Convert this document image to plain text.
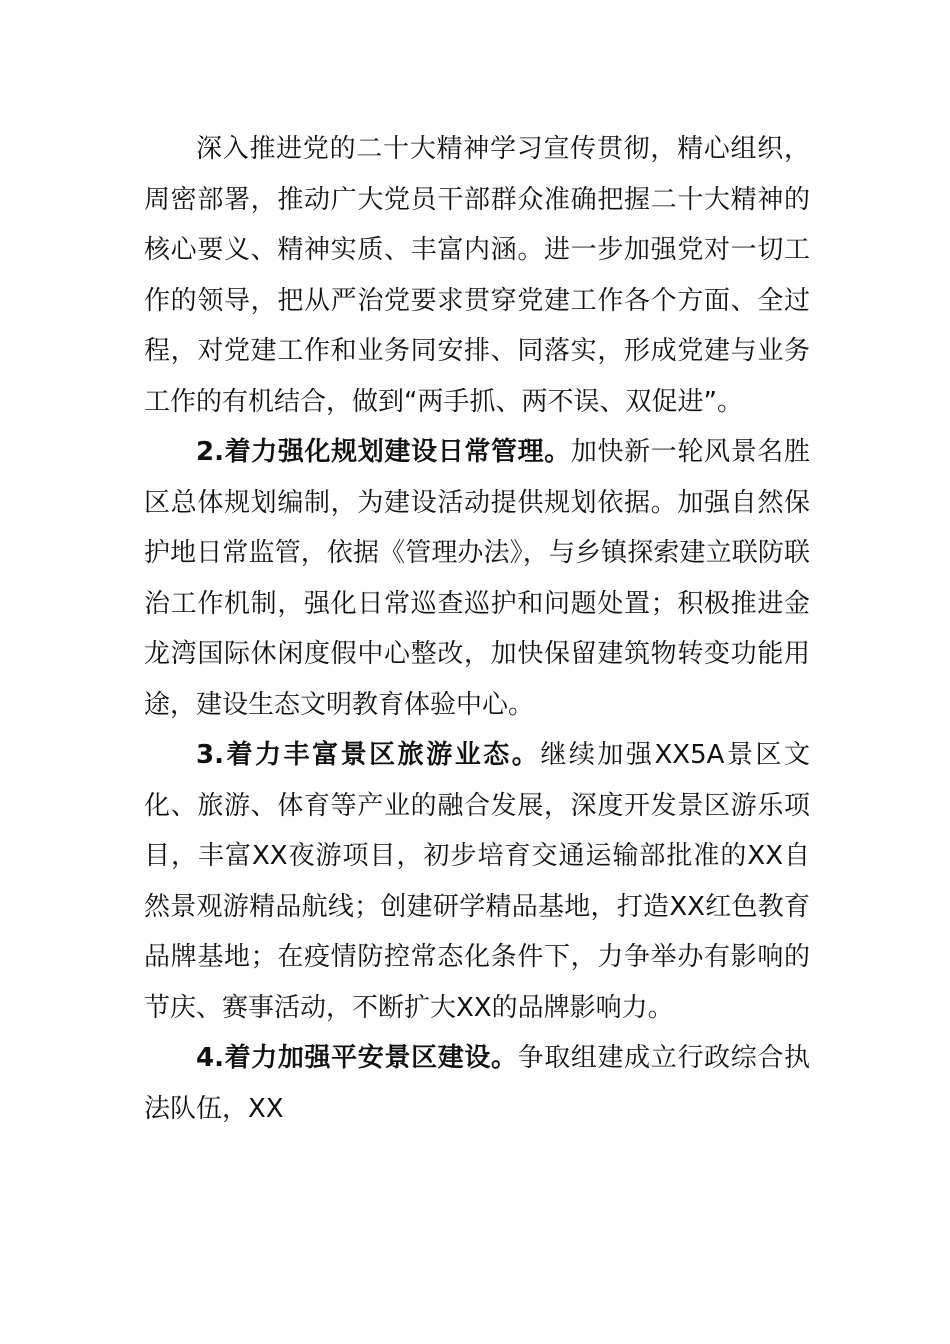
深入推进党的二十大精神学习宣传贯彻，精心组织，周密部署，推动广大党员干部群众准确把握二十大精神的核心要义、精神实质、丰富内涵。进一步加强党对一切工作的领导，把从严治党要求贯穿党建工作各个方面、全过程，对党建工作和业务同安排、同落实，形成党建与业务工作的有机结合，做到“两手抓、两不误、双促进”。

2.着力强化规划建设日常管理。加快新一轮风景名胜区总体规划编制，为建设活动提供规划依据。加强自然保护地日常监管，依据《管理办法》，与乡镇探索建立联防联治工作机制，强化日常巡查巡护和问题处置；积极推进金龙湾国际休闲度假中心整改，加快保留建筑物转变功能用途，建设生态文明教育体验中心。

3.着力丰富景区旅游业态。继续加强XX5A景区文化、旅游、体育等产业的融合发展，深度开发景区游乐项目，丰富XX夜游项目，初步培育交通运输部批准的XX自然景观游精品航线；创建研学精品基地，打造XX红色教育品牌基地；在疫情防控常态化条件下，力争举办有影响的节庆、赛事活动，不断扩大XX的品牌影响力。

4.着力加强平安景区建设。争取组建成立行政综合执法队伍，XX
